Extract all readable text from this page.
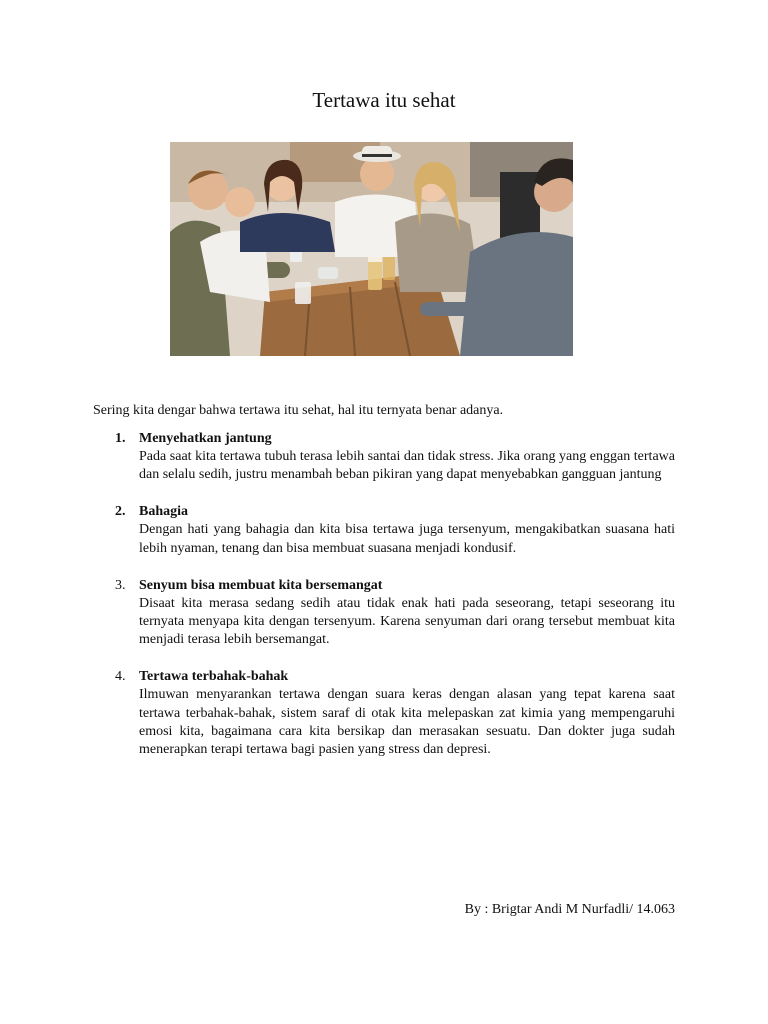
Tertawa itu sehat
Sering kita dengar bahwa tertawa itu sehat, hal itu ternyata benar adanya.
1. Menyehatkan jantung
Pada saat kita tertawa tubuh terasa lebih santai dan tidak stress. Jika orang yang enggan tertawa dan selalu sedih, justru menambah beban pikiran yang dapat menyebabkan gangguan jantung
2. Bahagia
Dengan hati yang bahagia dan kita bisa tertawa juga tersenyum, mengakibatkan suasana hati lebih nyaman, tenang dan bisa membuat suasana menjadi kondusif.
3. Senyum bisa membuat kita bersemangat
Disaat kita merasa sedang sedih atau tidak enak hati pada seseorang, tetapi seseorang itu ternyata menyapa kita dengan tersenyum. Karena senyuman dari orang tersebut membuat kita menjadi terasa lebih bersemangat.
4. Tertawa terbahak-bahak
Ilmuwan menyarankan tertawa dengan suara keras dengan alasan yang tepat karena saat tertawa terbahak-bahak, sistem saraf di otak kita melepaskan zat kimia yang mempengaruhi emosi kita, bagaimana cara kita bersikap dan merasakan sesuatu. Dan dokter juga sudah menerapkan terapi tertawa bagi pasien yang stress dan depresi.
By : Brigtar Andi M Nurfadli/ 14.063
